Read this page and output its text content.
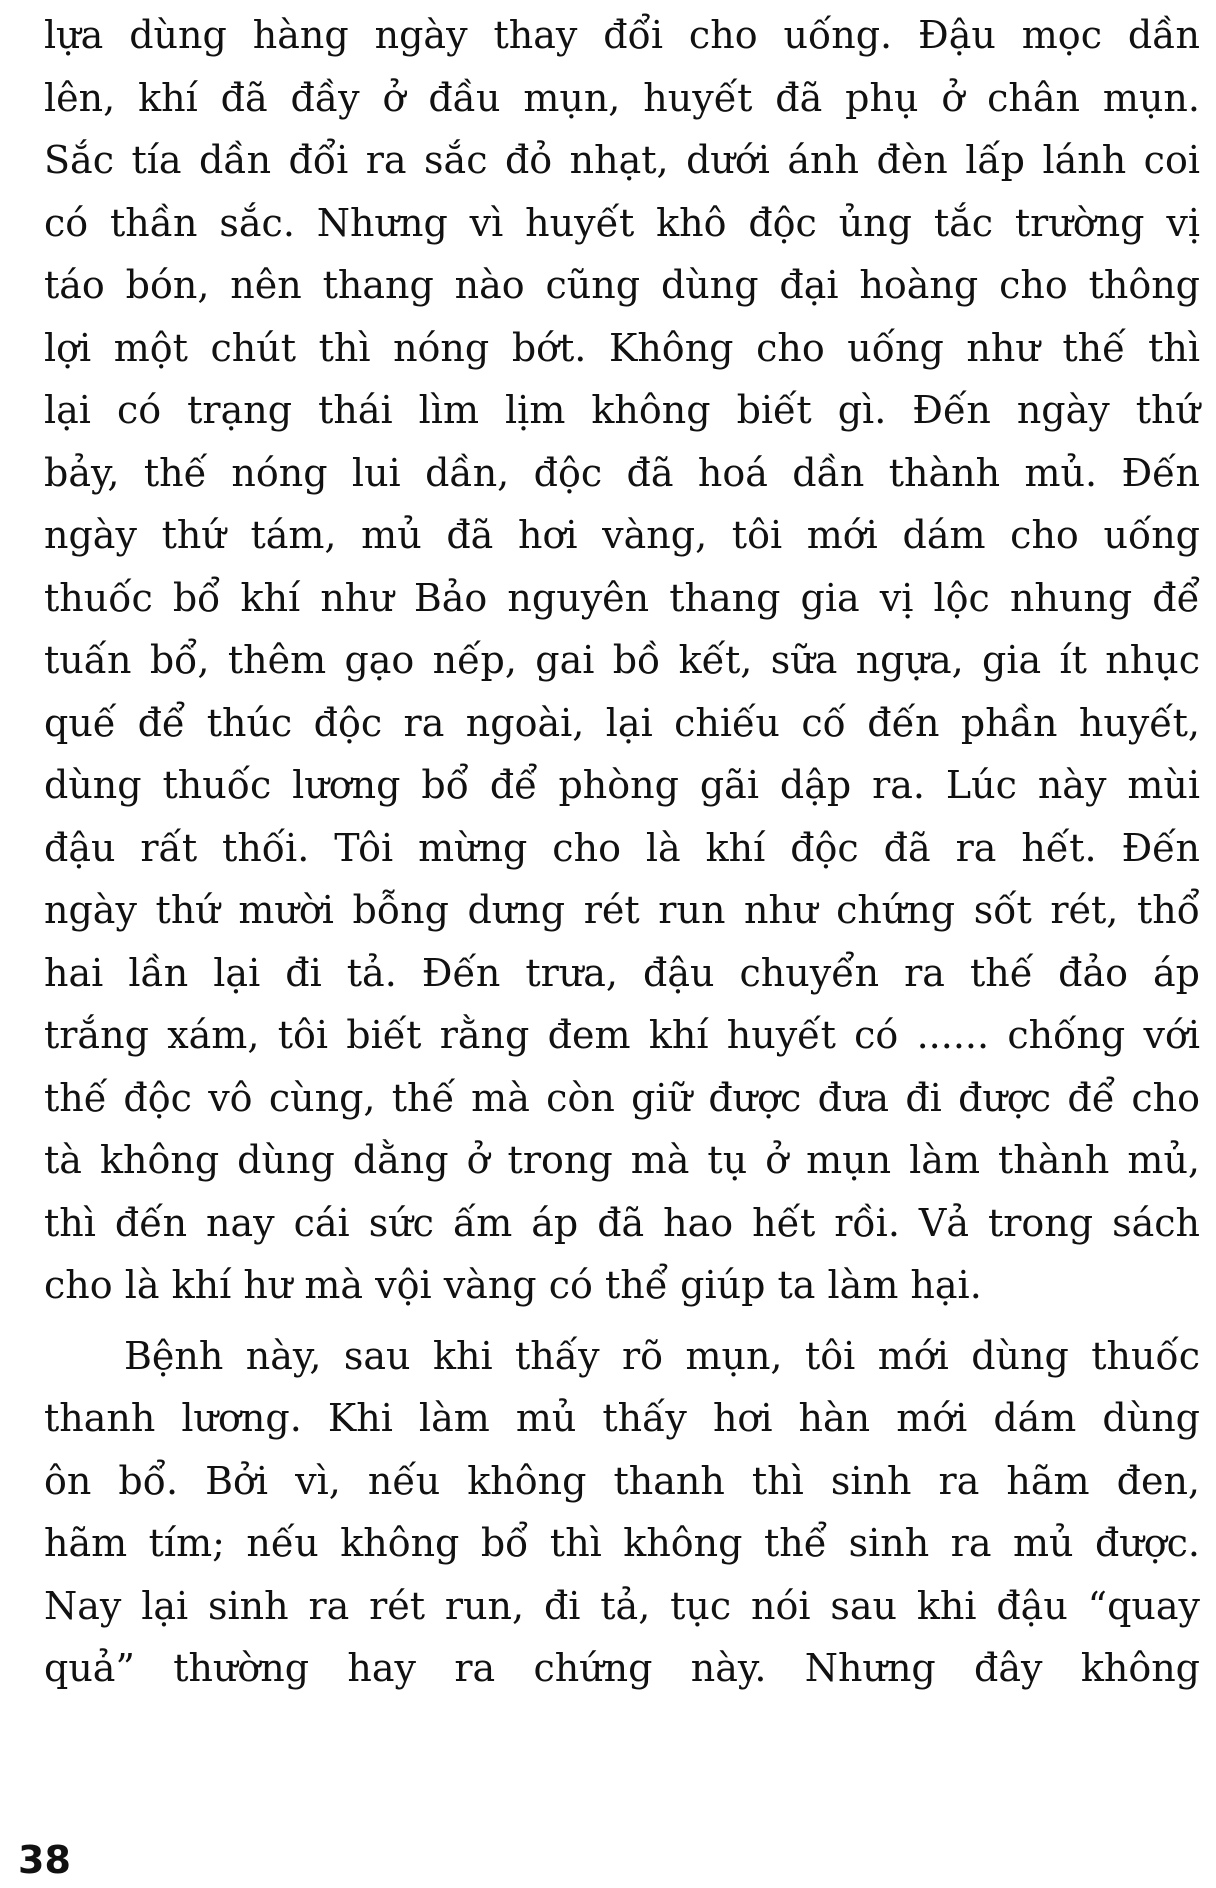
lựa dùng hàng ngày thay đổi cho uống. Đậu mọc dần
lên, khí đã đầy ở đầu mụn, huyết đã phụ ở chân mụn.
Sắc tía dần đổi ra sắc đỏ nhạt, dưới ánh đèn lấp lánh coi
có thần sắc. Nhưng vì huyết khô độc ủng tắc trường vị
táo bón, nên thang nào cũng dùng đại hoàng cho thông
lợi một chút thì nóng bớt. Không cho uống như thế thì
lại có trạng thái lìm lịm không biết gì. Đến ngày thứ
bảy, thế nóng lui dần, độc đã hoá dần thành mủ. Đến
ngày thứ tám, mủ đã hơi vàng, tôi mới dám cho uống
thuốc bổ khí như Bảo nguyên thang gia vị lộc nhung để
tuấn bổ, thêm gạo nếp, gai bồ kết, sữa ngựa, gia ít nhục
quế để thúc độc ra ngoài, lại chiếu cố đến phần huyết,
dùng thuốc lương bổ để phòng gãi dập ra. Lúc này mùi
đậu rất thối. Tôi mừng cho là khí độc đã ra hết. Đến
ngày thứ mười bỗng dưng rét run như chứng sốt rét, thổ
hai lần lại đi tả. Đến trưa, đậu chuyển ra thế đảo áp
trắng xám, tôi biết rằng đem khí huyết có ...... chống với
thế độc vô cùng, thế mà còn giữ được đưa đi được để cho
tà không dùng dằng ở trong mà tụ ở mụn làm thành mủ,
thì đến nay cái sức ấm áp đã hao hết rồi. Vả trong sách
cho là khí hư mà vội vàng có thể giúp ta làm hại.
Bệnh này, sau khi thấy rõ mụn, tôi mới dùng thuốc
thanh lương. Khi làm mủ thấy hơi hàn mới dám dùng
ôn bổ. Bởi vì, nếu không thanh thì sinh ra hãm đen,
hãm tím; nếu không bổ thì không thể sinh ra mủ được.
Nay lại sinh ra rét run, đi tả, tục nói sau khi đậu “quay
quả” thường hay ra chứng này. Nhưng đây không
38
